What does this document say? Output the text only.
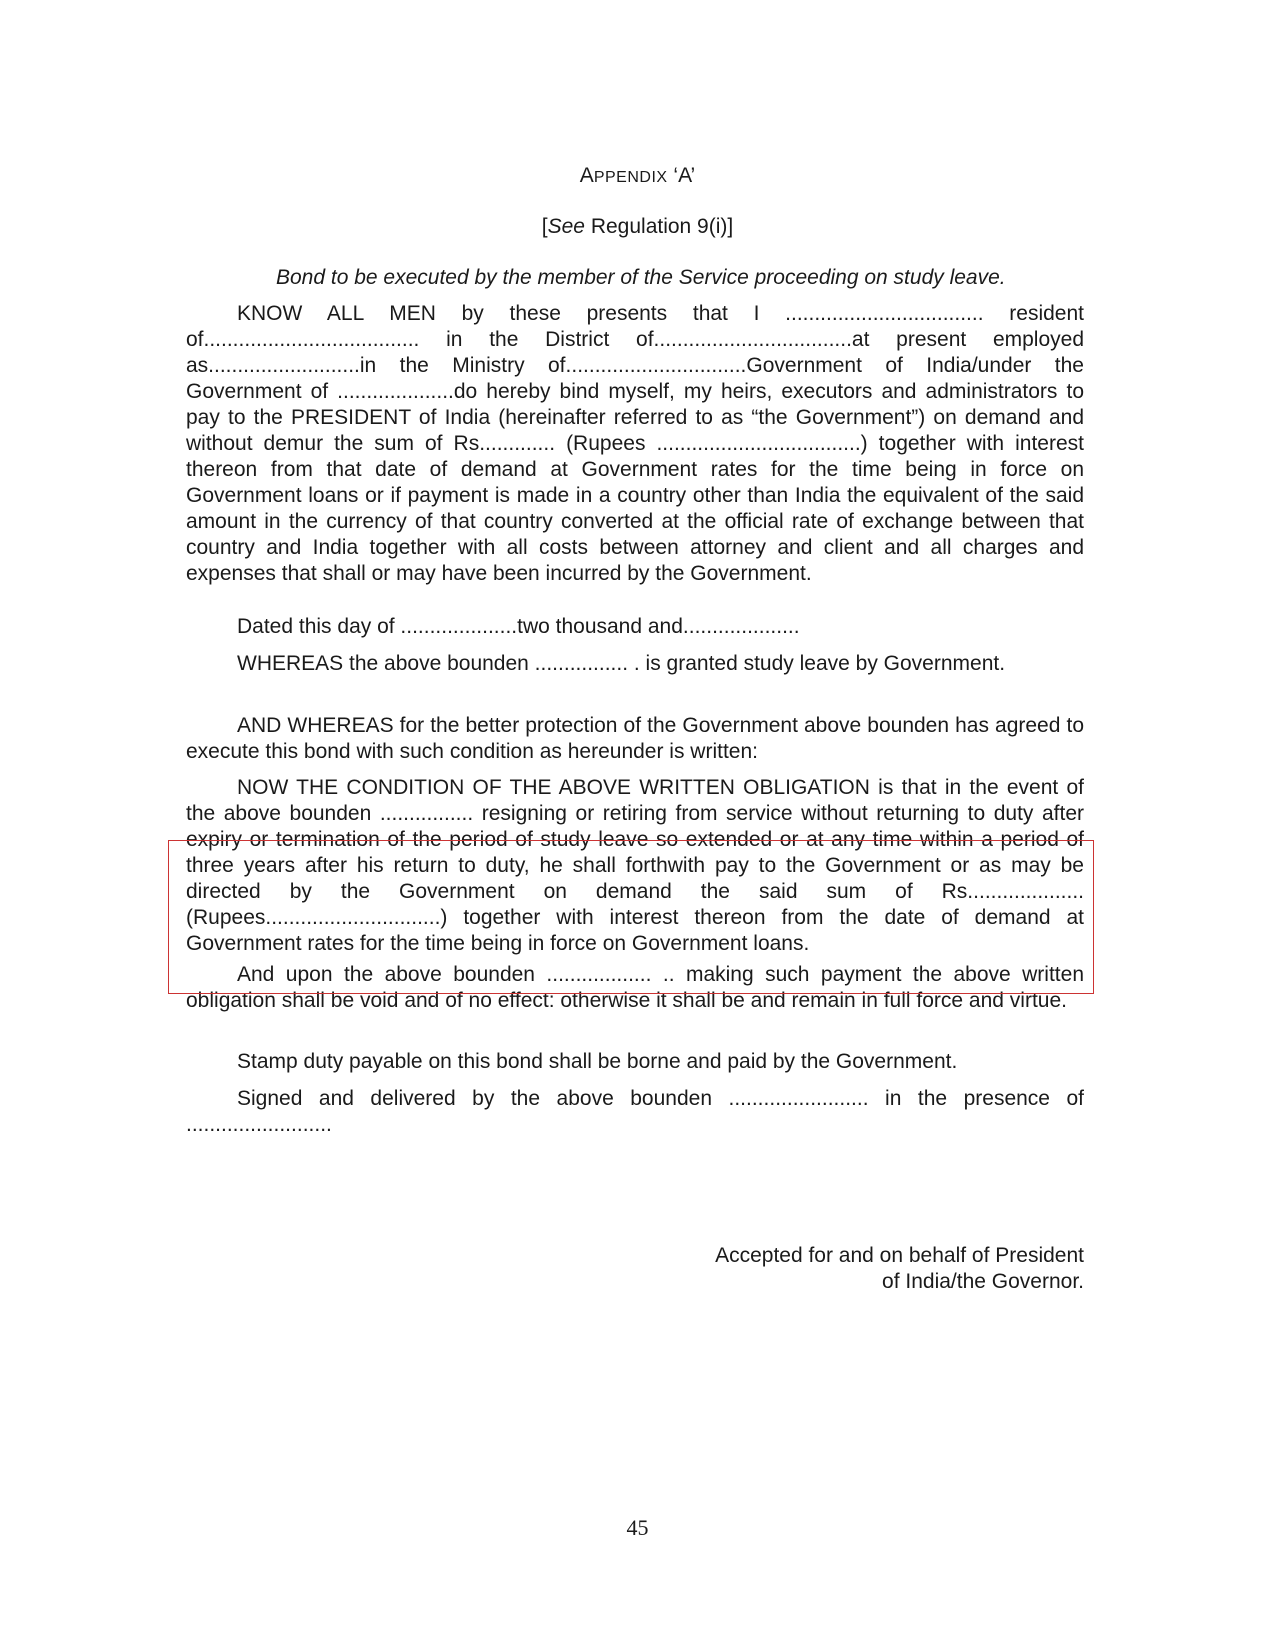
APPENDIX ‘A’
[See Regulation 9(i)]
Bond to be executed by the member of the Service proceeding on study leave.

KNOW ALL MEN by these presents that I .................................. resident of..................................... in the District of..................................at present employed as..........................in the Ministry of...............................Government of India/under the Government of ....................do hereby bind myself, my heirs, executors and administrators to pay to the PRESIDENT of India (hereinafter referred to as “the Government”) on demand and without demur the sum of Rs............. (Rupees ...................................) together with interest thereon from that date of demand at Government rates for the time being in force on Government loans or if payment is made in a country other than India the equivalent of the said amount in the currency of that country converted at the official rate of exchange between that country and India together with all costs between attorney and client and all charges and expenses that shall or may have been incurred by the Government.

Dated this day of ....................two thousand and....................

WHEREAS the above bounden ................ . is granted study leave by Government.

AND WHEREAS for the better protection of the Government above bounden has agreed to execute this bond with such condition as hereunder is written:

NOW THE CONDITION OF THE ABOVE WRITTEN OBLIGATION is that in the event of the above bounden ................ resigning or retiring from service without returning to duty after expiry or termination of the period of study leave so extended or at any time within a period of three years after his return to duty, he shall forthwith pay to the Government or as may be directed by the Government on demand the said sum of Rs....................(Rupees..............................) together with interest thereon from the date of demand at Government rates for the time being in force on Government loans.

And upon the above bounden .................. .. making such payment the above written obligation shall be void and of no effect: otherwise it shall be and remain in full force and virtue.

Stamp duty payable on this bond shall be borne and paid by the Government.

Signed and delivered by the above bounden ........................ in the presence of .........................

Accepted for and on behalf of President
of India/the Governor.
45
